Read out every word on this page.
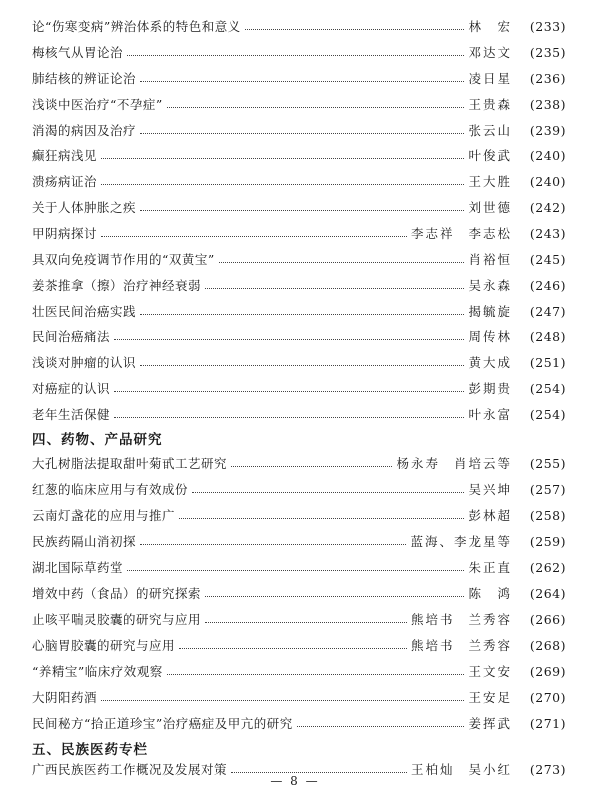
论“伤寒变病”辨治体系的特色和意义	林　宏	(233)
梅核气从胃论治	邓达文	(235)
肺结核的辨证论治	凌日星	(236)
浅谈中医治疗“不孕症”	王贵森	(238)
消渴的病因及治疗	张云山	(239)
癫狂病浅见	叶俊武	(240)
溃疡病证治	王大胜	(240)
关于人体肿胀之疾	刘世德	(242)
甲阴病探讨	李志祥 李志松	(243)
具双向免疫调节作用的“双黄宝”	肖裕恒	(245)
姜茶推拿（擦）治疗神经衰弱	吴永森	(246)
壮医民间治癌实践	揭毓旋	(247)
民间治癌痛法	周传林	(248)
浅谈对肿瘤的认识	黄大成	(251)
对癌症的认识	彭期贵	(254)
老年生活保健	叶永富	(254)
四、药物、产品研究
大孔树脂法提取甜叶菊甙工艺研究	杨永寿 肖培云等	(255)
红葱的临床应用与有效成份	吴兴坤	(257)
云南灯盏花的应用与推广	彭林超	(258)
民族药隔山消初探	蓝海、李龙星等	(259)
湖北国际草药堂	朱正直	(262)
增效中药（食品）的研究探索	陈　鸿	(264)
止咳平喘灵胶囊的研究与应用	熊培书 兰秀容	(266)
心脑胃胶囊的研究与应用	熊培书 兰秀容	(268)
“养精宝”临床疗效观察	王文安	(269)
大阴阳药酒	王安足	(270)
民间秘方“拾正道珍宝”治疗癌症及甲亢的研究	姜挥武	(271)
五、民族医药专栏
广西民族医药工作概况及发展对策	王柏灿 吴小红	(273)
— 8 —
